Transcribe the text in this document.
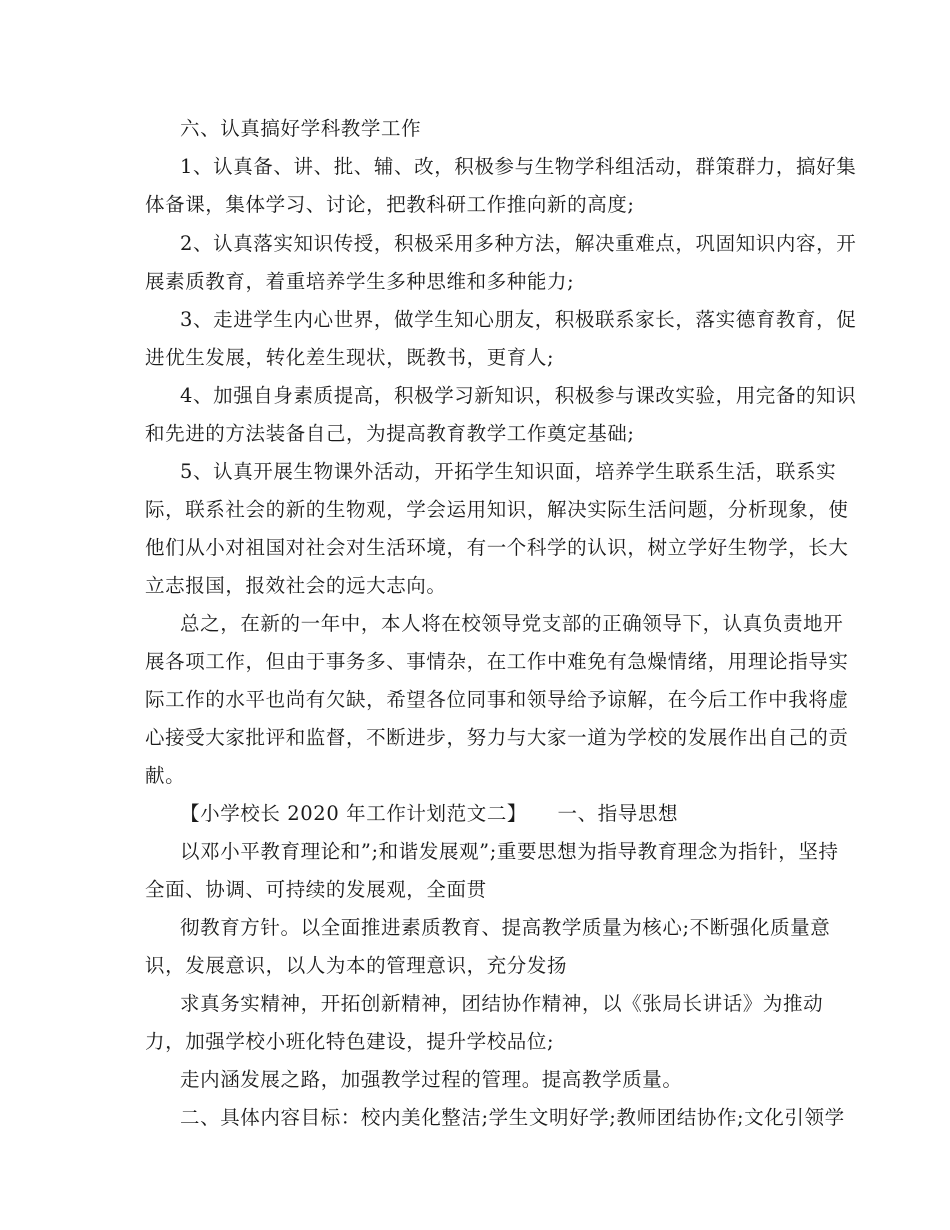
六、认真搞好学科教学工作
1、认真备、讲、批、辅、改，积极参与生物学科组活动，群策群力，搞好集
体备课，集体学习、讨论，把教科研工作推向新的高度;
2、认真落实知识传授，积极采用多种方法，解决重难点，巩固知识内容，开
展素质教育，着重培养学生多种思维和多种能力;
3、走进学生内心世界，做学生知心朋友，积极联系家长，落实德育教育，促
进优生发展，转化差生现状，既教书，更育人;
4、加强自身素质提高，积极学习新知识，积极参与课改实验，用完备的知识
和先进的方法装备自己，为提高教育教学工作奠定基础;
5、认真开展生物课外活动，开拓学生知识面，培养学生联系生活，联系实
际，联系社会的新的生物观，学会运用知识，解决实际生活问题，分析现象，使
他们从小对祖国对社会对生活环境，有一个科学的认识，树立学好生物学，长大
立志报国，报效社会的远大志向。
总之，在新的一年中，本人将在校领导党支部的正确领导下，认真负责地开
展各项工作，但由于事务多、事情杂，在工作中难免有急燥情绪，用理论指导实
际工作的水平也尚有欠缺，希望各位同事和领导给予谅解，在今后工作中我将虚
心接受大家批评和监督，不断进步，努力与大家一道为学校的发展作出自己的贡
献。
【小学校长 2020 年工作计划范文二】　　一、指导思想
以邓小平教育理论和”;和谐发展观”;重要思想为指导教育理念为指针，坚持
全面、协调、可持续的发展观，全面贯
彻教育方针。以全面推进素质教育、提高教学质量为核心;不断强化质量意
识，发展意识，以人为本的管理意识，充分发扬
求真务实精神，开拓创新精神，团结协作精神，以《张局长讲话》为推动
力，加强学校小班化特色建设，提升学校品位;
走内涵发展之路，加强教学过程的管理。提高教学质量。
二、具体内容目标：校内美化整洁;学生文明好学;教师团结协作;文化引领学
